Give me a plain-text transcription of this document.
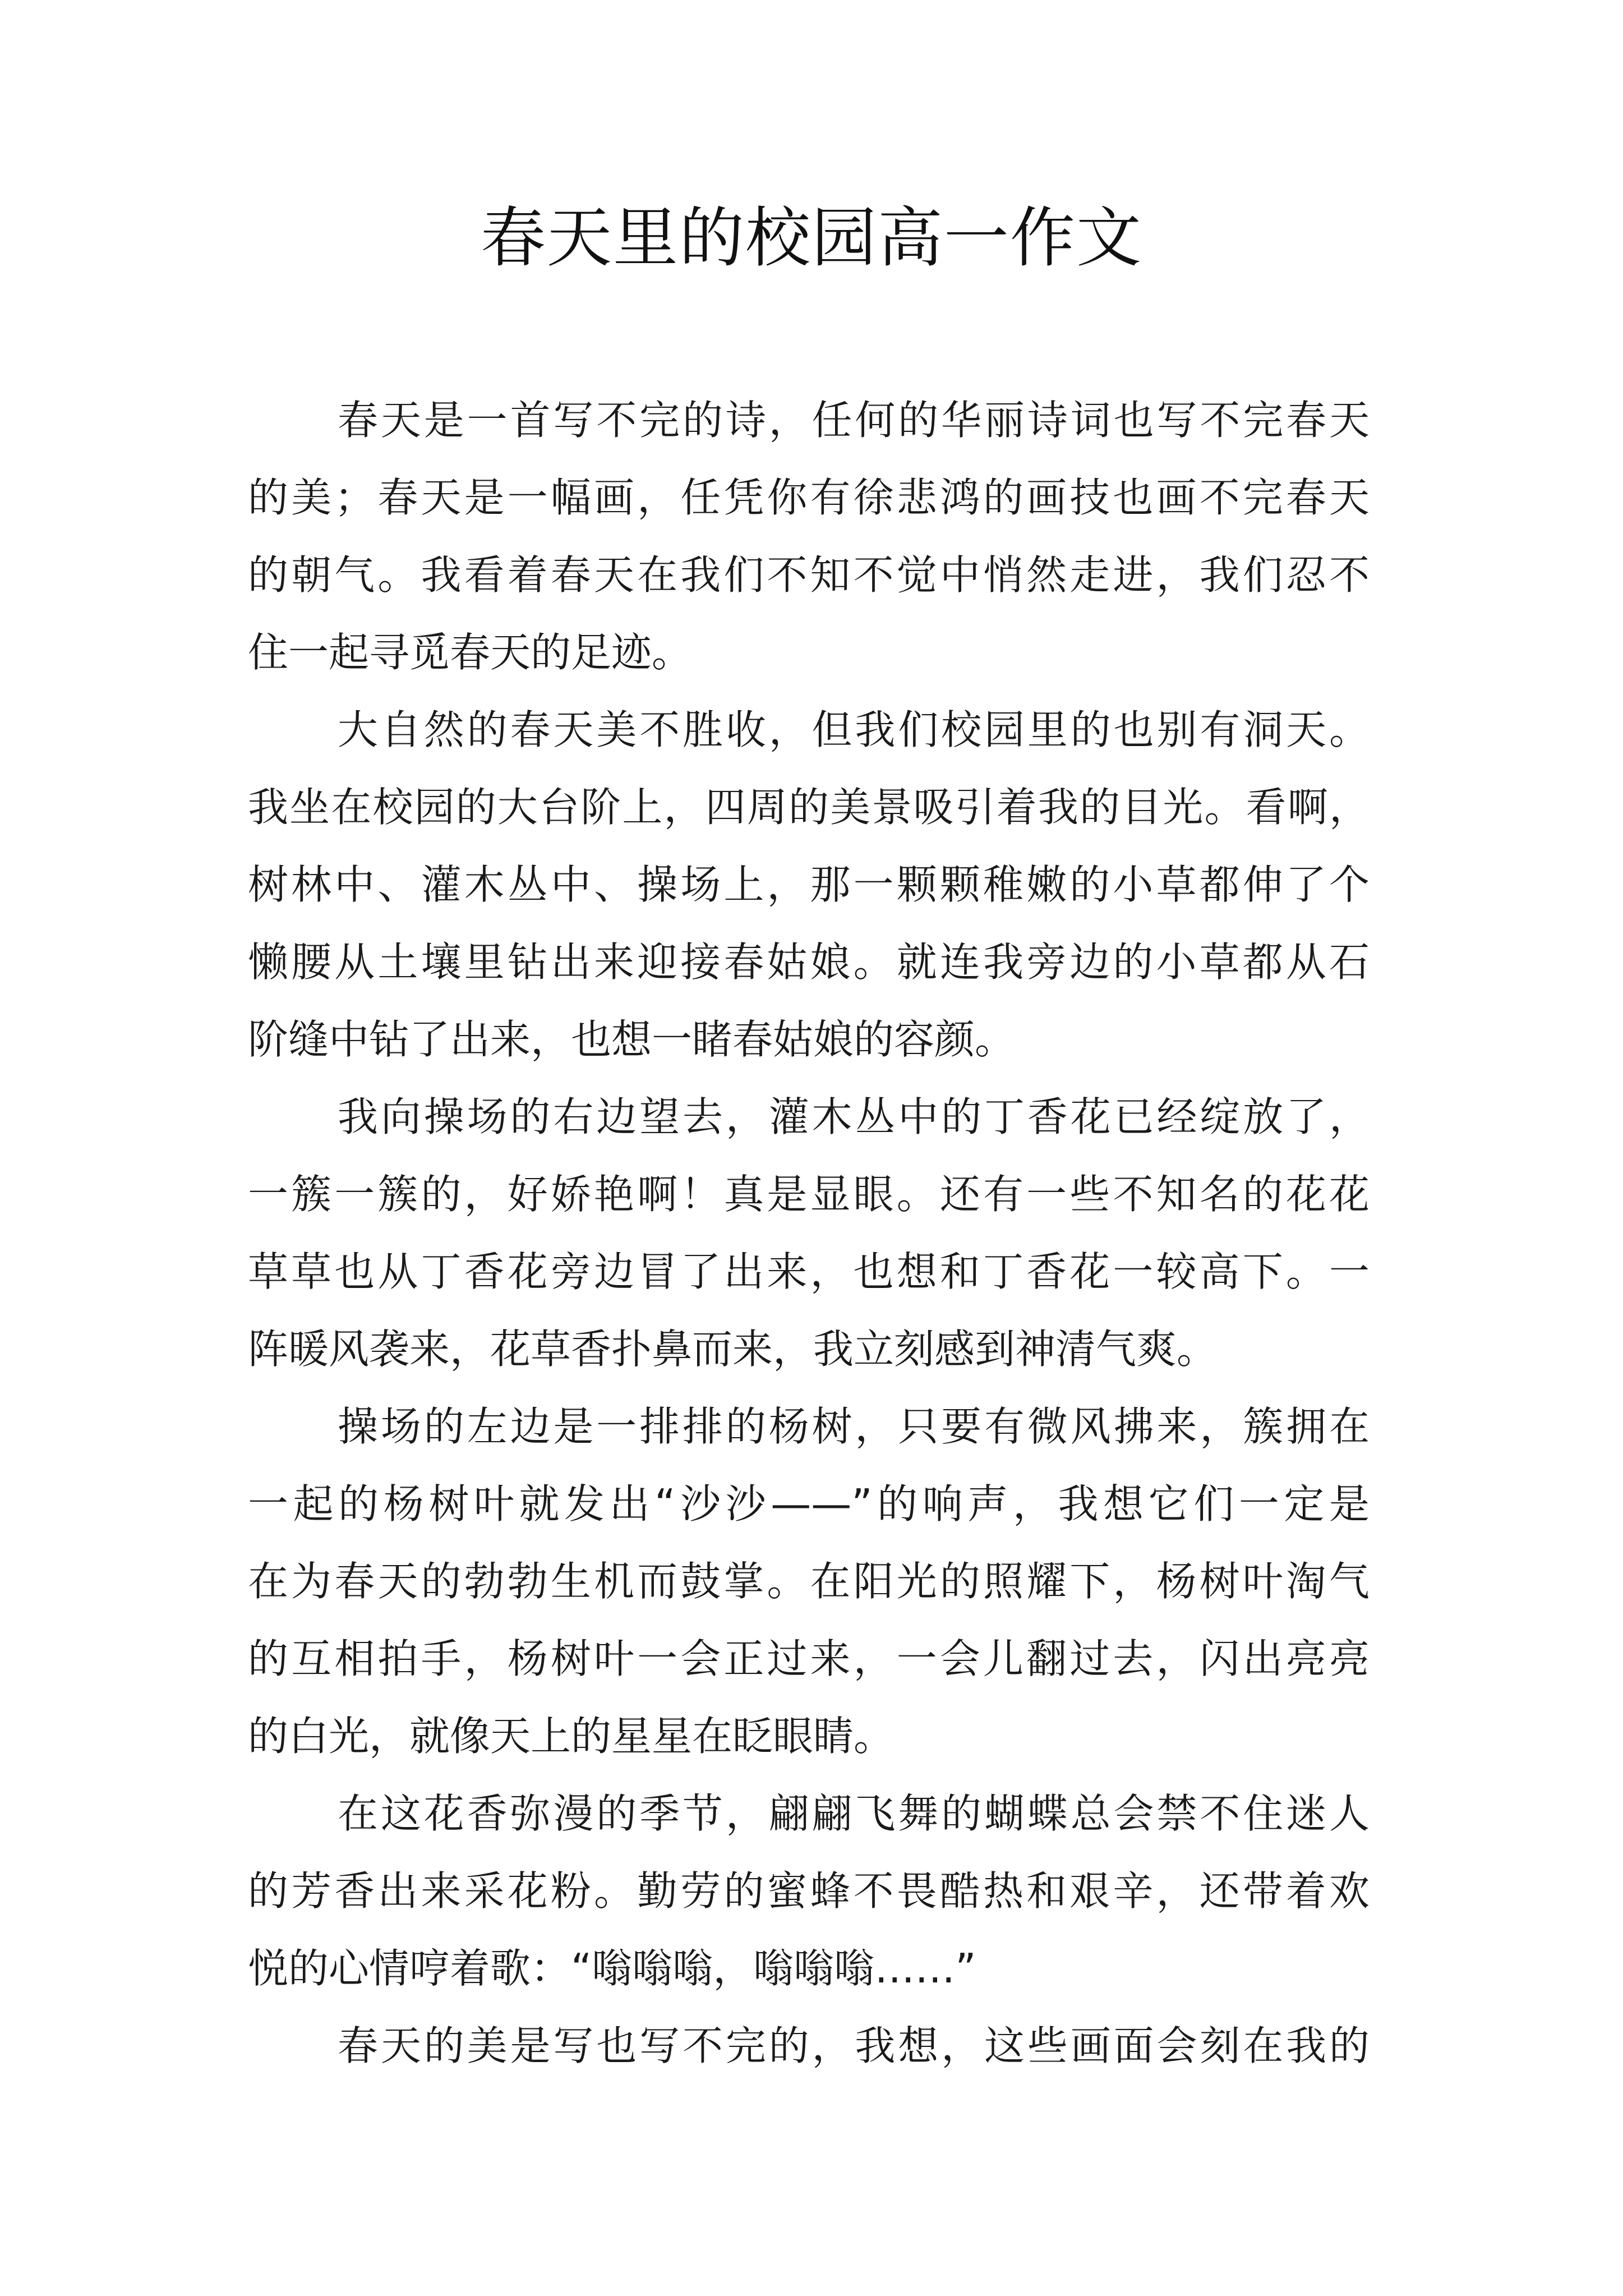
春天里的校园高一作文
春天是一首写不完的诗，任何的华丽诗词也写不完春天
的美；春天是一幅画，任凭你有徐悲鸿的画技也画不完春天
的朝气。我看着春天在我们不知不觉中悄然走进，我们忍不
住一起寻觅春天的足迹。
大自然的春天美不胜收，但我们校园里的也别有洞天。
我坐在校园的大台阶上，四周的美景吸引着我的目光。看啊，
树林中、灌木丛中、操场上，那一颗颗稚嫩的小草都伸了个
懒腰从土壤里钻出来迎接春姑娘。就连我旁边的小草都从石
阶缝中钻了出来，也想一睹春姑娘的容颜。
我向操场的右边望去，灌木丛中的丁香花已经绽放了，
一簇一簇的，好娇艳啊！真是显眼。还有一些不知名的花花
草草也从丁香花旁边冒了出来，也想和丁香花一较高下。一
阵暖风袭来，花草香扑鼻而来，我立刻感到神清气爽。
操场的左边是一排排的杨树，只要有微风拂来，簇拥在
一起的杨树叶就发出“沙沙——”的响声，我想它们一定是
在为春天的勃勃生机而鼓掌。在阳光的照耀下，杨树叶淘气
的互相拍手，杨树叶一会正过来，一会儿翻过去，闪出亮亮
的白光，就像天上的星星在眨眼睛。
在这花香弥漫的季节，翩翩飞舞的蝴蝶总会禁不住迷人
的芳香出来采花粉。勤劳的蜜蜂不畏酷热和艰辛，还带着欢
悦的心情哼着歌：“嗡嗡嗡，嗡嗡嗡……”
春天的美是写也写不完的，我想，这些画面会刻在我的
